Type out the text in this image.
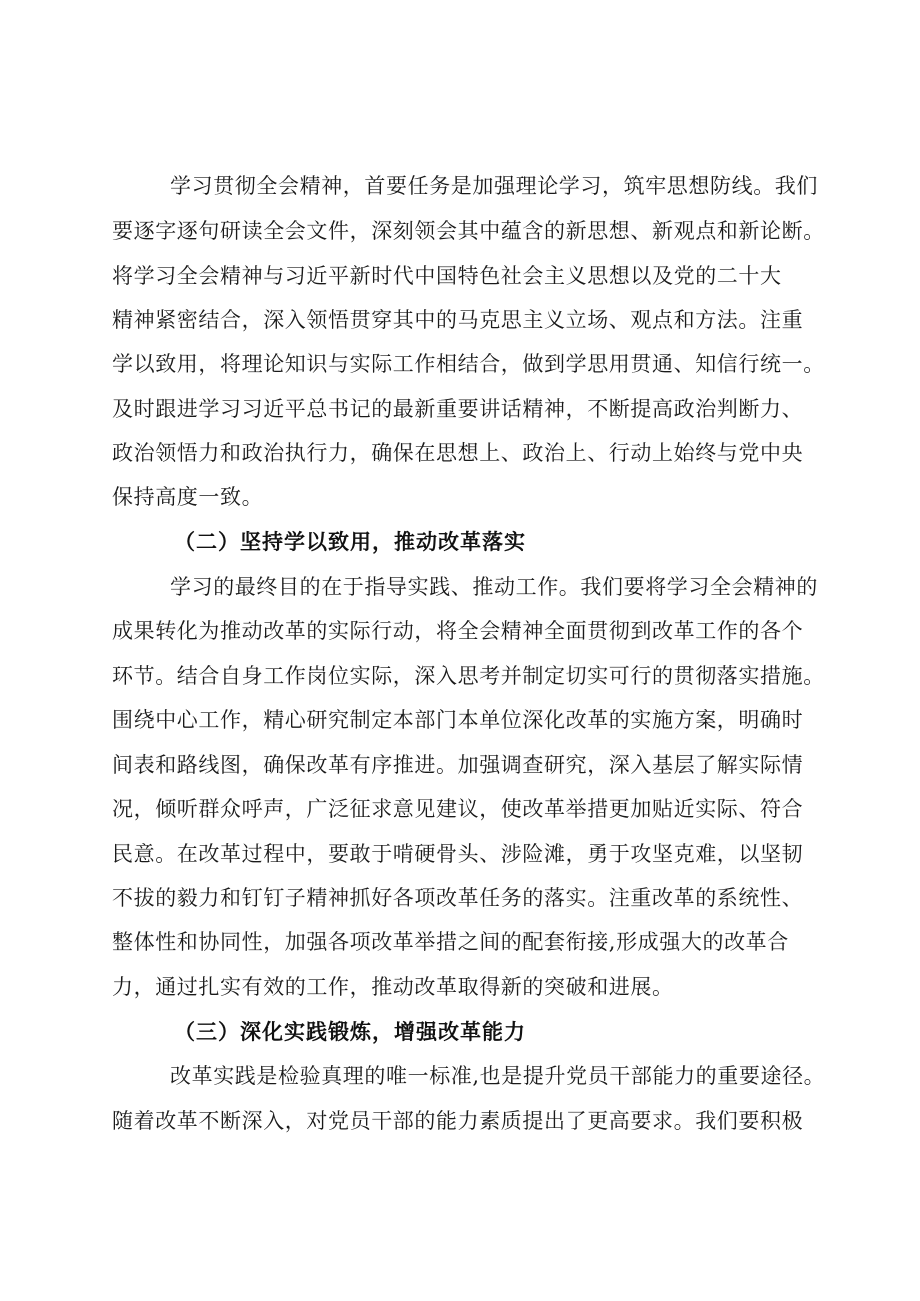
学习贯彻全会精神，首要任务是加强理论学习，筑牢思想防线。我们
要逐字逐句研读全会文件，深刻领会其中蕴含的新思想、新观点和新论断。
将学习全会精神与习近平新时代中国特色社会主义思想以及党的二十大
精神紧密结合，深入领悟贯穿其中的马克思主义立场、观点和方法。注重
学以致用，将理论知识与实际工作相结合，做到学思用贯通、知信行统一。
及时跟进学习习近平总书记的最新重要讲话精神，不断提高政治判断力、
政治领悟力和政治执行力，确保在思想上、政治上、行动上始终与党中央
保持高度一致。
（二）坚持学以致用，推动改革落实
学习的最终目的在于指导实践、推动工作。我们要将学习全会精神的
成果转化为推动改革的实际行动，将全会精神全面贯彻到改革工作的各个
环节。结合自身工作岗位实际，深入思考并制定切实可行的贯彻落实措施。
围绕中心工作，精心研究制定本部门本单位深化改革的实施方案，明确时
间表和路线图，确保改革有序推进。加强调查研究，深入基层了解实际情
况，倾听群众呼声，广泛征求意见建议，使改革举措更加贴近实际、符合
民意。在改革过程中，要敢于啃硬骨头、涉险滩，勇于攻坚克难，以坚韧
不拔的毅力和钉钉子精神抓好各项改革任务的落实。注重改革的系统性、
整体性和协同性，加强各项改革举措之间的配套衔接,形成强大的改革合
力，通过扎实有效的工作，推动改革取得新的突破和进展。
（三）深化实践锻炼，增强改革能力
改革实践是检验真理的唯一标准,也是提升党员干部能力的重要途径。
随着改革不断深入，对党员干部的能力素质提出了更高要求。我们要积极
